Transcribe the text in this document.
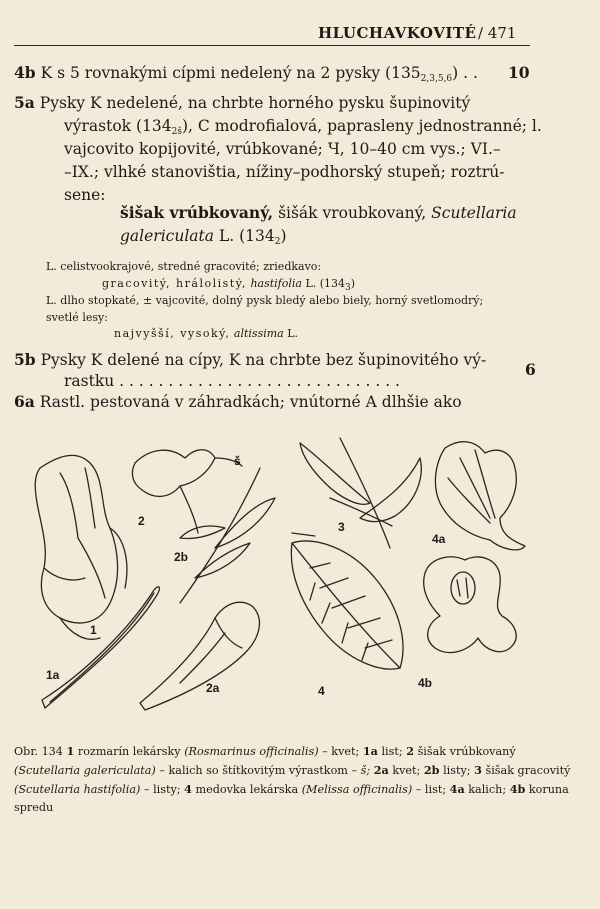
HLUCHAVKOVITÉ / 471
4b K s 5 rovnakými cípmi nedelený na 2 pysky $(135_{2,3,5,6})$ . . 10
5a Pysky K nedelené, na chrbte horného pysku šupinovitý
výrastok $(134_{2š})$, C modrofialová, paprasleny jednostranné; l.
vajcovito kopijovité, vrúbkované; Ч, 10–40 cm vys.; VI.–
–IX.; vlhké stanovištia, nížiny–podhorský stupeň; roztrú-
sene:
šišak vrúbkovaný, šišák vroubkovaný, Scutellaria
galericulata L. $(134_2)$
L. celistvookrajové, stredné gracovité; zriedkavo:
gracovitý, hrálolistý, hastifolia L. $(134_3)$
L. dlho stopkaté, ± vajcovité, dolný pysk bledý alebo biely, horný svetlomodrý;
svetlé lesy:
najvyšší, vysoký, altissima L.
5b Pysky K delené na cípy, K na chrbte bez šupinovitého vý-
rastku . . . . . . . . . . . . . . . . . . . . . . . . . . . . .
6
6a Rastl. pestovaná v záhradkách; vnútorné A dlhšie ako
1
1a
2
2a
2b
š
3
4
4a
4b
Obr. 134 1 rozmarín lekársky (Rosmarinus officinalis) – kvet; 1a list; 2 šišak vrúbkovaný (Scutellaria galericulata) – kalich so štítkovitým výrastkom – š; 2a kvet; 2b listy; 3 šišak gracovitý (Scutellaria hastifolia) – listy; 4 medovka lekárska (Melissa officinalis) – list; 4a kalich; 4b koruna spredu
